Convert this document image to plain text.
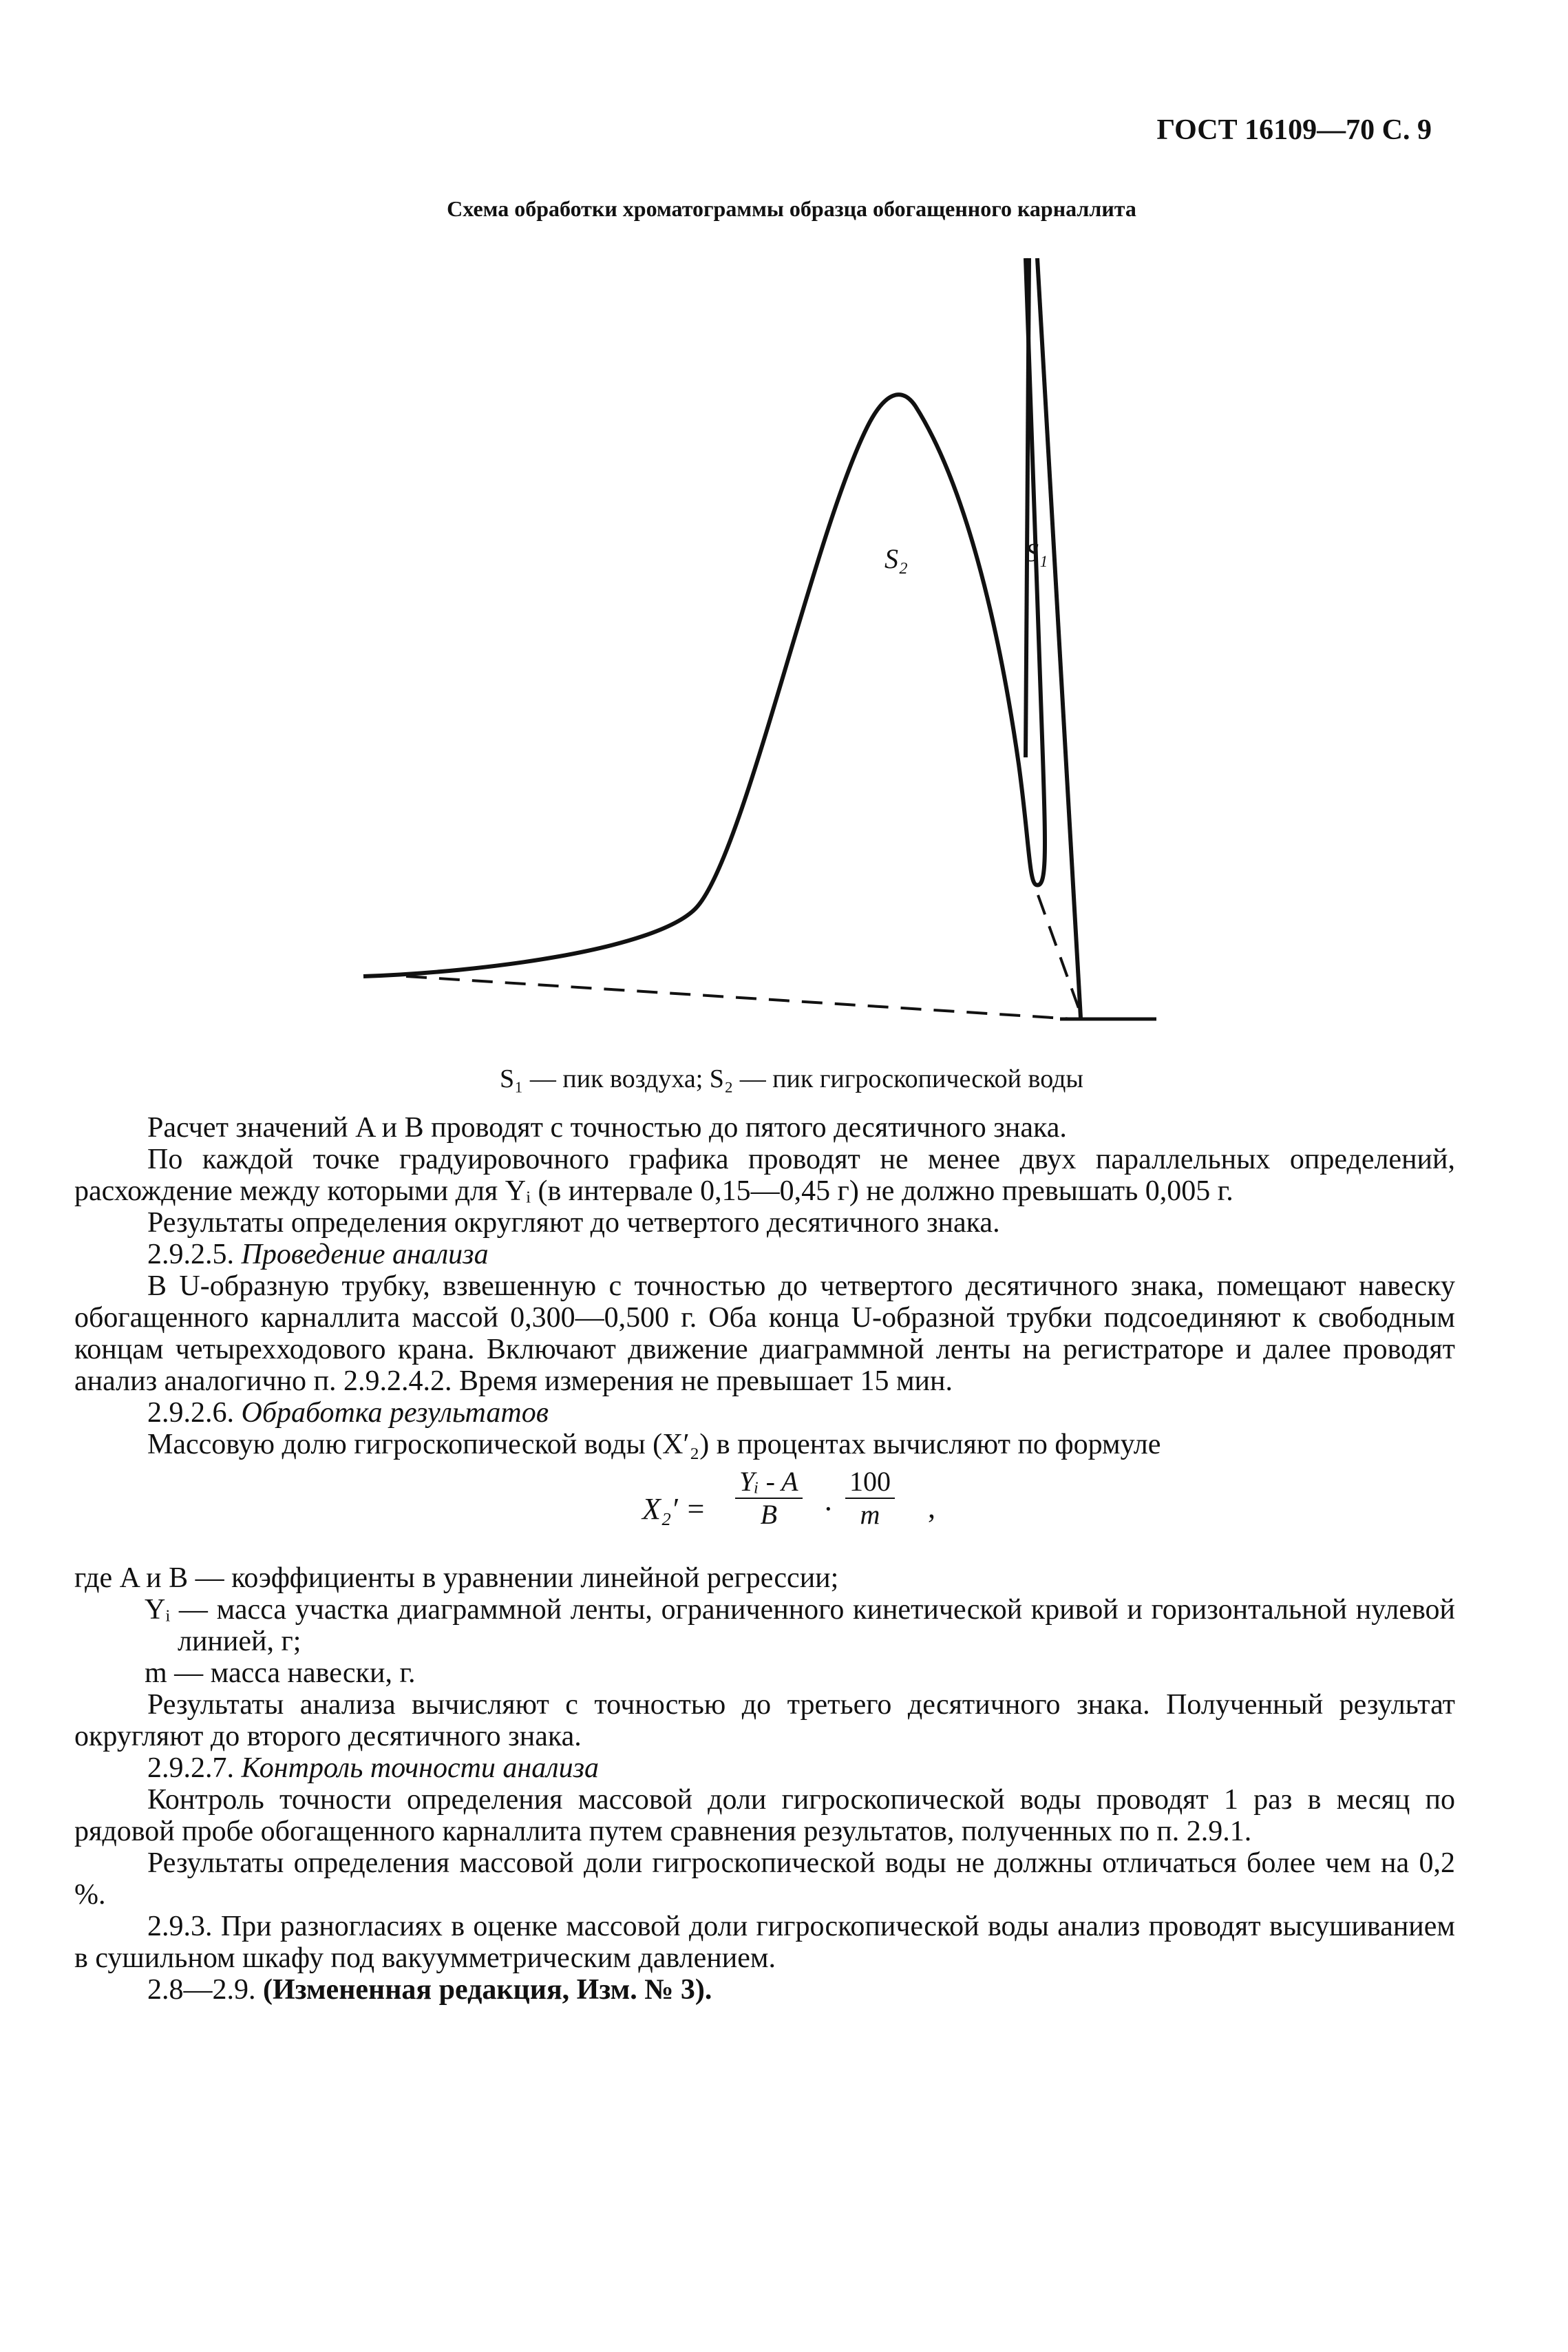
ГОСТ 16109—70 С. 9
Схема обработки хроматограммы образца обогащенного карналлита
S₂	S₁
S₁ — пик воздуха; S₂ — пик гигроскопической воды

Расчет значений A и B проводят с точностью до пятого десятичного знака.

По каждой точке градуировочного графика проводят не менее двух параллельных определений, расхождение между которыми для Yᵢ (в интервале 0,15—0,45 г) не должно превышать 0,005 г.

Результаты определения округляют до четвертого десятичного знака.

2.9.2.5. Проведение анализа

В U-образную трубку, взвешенную с точностью до четвертого десятичного знака, помещают навеску обогащенного карналлита массой 0,300—0,500 г. Оба конца U-образной трубки подсоединяют к свободным концам четырехходового крана. Включают движение диаграммной ленты на регистраторе и далее проводят анализ аналогично п. 2.9.2.4.2. Время измерения не превышает 15 мин.

2.9.2.6. Обработка результатов

Массовую долю гигроскопической воды (X′₂) в процентах вычисляют по формуле

$X_2' = \frac{\text{Yᵢ - A}}{B} \cdot \frac{100}{m}$ ,

где A и B — коэффициенты в уравнении линейной регрессии;

Yᵢ — масса участка диаграммной ленты, ограниченного кинетической кривой и горизонтальной нулевой линией, г;

m — масса навески, г.

Результаты анализа вычисляют с точностью до третьего десятичного знака. Полученный результат округляют до второго десятичного знака.

2.9.2.7. Контроль точности анализа

Контроль точности определения массовой доли гигроскопической воды проводят 1 раз в месяц по рядовой пробе обогащенного карналлита путем сравнения результатов, полученных по п. 2.9.1.

Результаты определения массовой доли гигроскопической воды не должны отличаться более чем на 0,2 %.

2.9.3. При разногласиях в оценке массовой доли гигроскопической воды анализ проводят высушиванием в сушильном шкафу под вакуумметрическим давлением.

2.8—2.9. (Измененная редакция, Изм. № 3).
